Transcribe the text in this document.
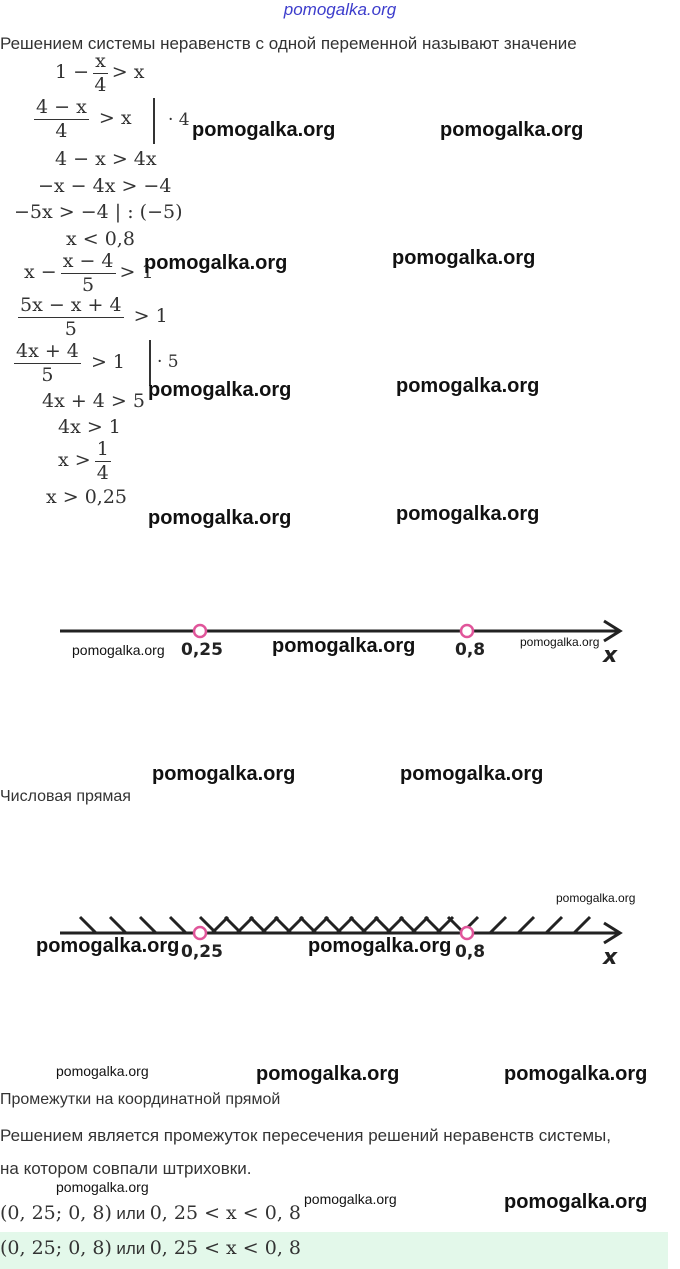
pomogalka.org
Решением системы неравенств с одной переменной называют значение
$1 - \frac{x}{4} > x$
$\frac{4 - x}{4} > x \cdot 4$
4 − x > 4x
−x − 4x > −4
−5x > −4 | : (−5)
x < 0,8
$x - \frac{x - 4}{5} > 1$
$\frac{5x - x + 4}{5} > 1$
$\frac{4x + 4}{5} > 1 \cdot 5$
4x + 4 > 5
4x > 1
$x > \frac{1}{4}$
x > 0,25
0,25	0,8	x
Числовая прямая
0,25	0,8	x
Промежутки на координатной прямой
Решением является промежуток пересечения решений неравенств системы,
на котором совпали штриховки.
(0, 25; 0, 8) или 0, 25 < x < 0, 8
(0, 25; 0, 8) или 0, 25 < x < 0, 8
pomogalka.org	pomogalka.org
pomogalka.org	pomogalka.org
pomogalka.org	pomogalka.org
pomogalka.org	pomogalka.org
pomogalka.org	pomogalka.org	pomogalka.org
pomogalka.org	pomogalka.org
pomogalka.org
pomogalka.org	pomogalka.org
pomogalka.org	pomogalka.org	pomogalka.org
pomogalka.org
pomogalka.org	pomogalka.org
